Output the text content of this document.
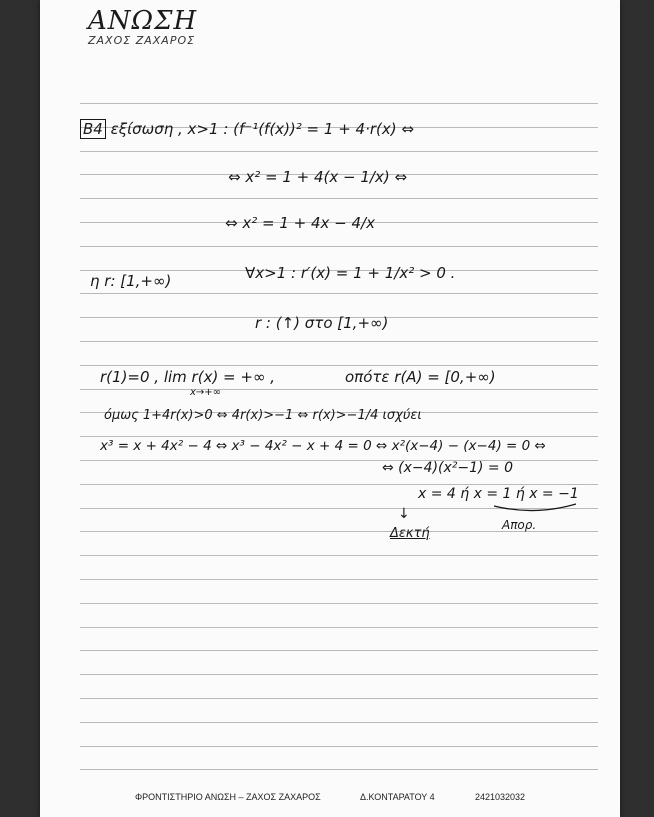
ΑΝΩΣΗ
ΖΑΧΟΣ ΖΑΧΑΡΟΣ
Β4 εξίσωση , x>1 : (f⁻¹(f(x))² = 1 + 4·r(x) ⇔
⇔ x² = 1 + 4(x − 1/x) ⇔
⇔ x² = 1 + 4x − 4/x
η r: [1,+∞)	∀x>1 : r′(x) = 1 + 1/x² > 0 .
r : (↑) στο [1,+∞)
r(1)=0 , lim r(x) = +∞ ,
x→+∞
οπότε r(A) = [0,+∞)
όμως 1+4r(x)>0 ⇔ 4r(x)>−1 ⇔ r(x)>−1/4 ισχύει
x³ = x + 4x² − 4 ⇔ x³ − 4x² − x + 4 = 0 ⇔ x²(x−4) − (x−4) = 0 ⇔
⇔ (x−4)(x²−1) = 0
x = 4 ή x = 1 ή x = −1
↓
Δεκτή
Απορ.
ΦΡΟΝΤΙΣΤΗΡΙΟ ΑΝΩΣΗ – ΖΑΧΟΣ ΖΑΧΑΡΟΣ	Δ.ΚΟΝΤΑΡΑΤΟΥ 4	2421032032
